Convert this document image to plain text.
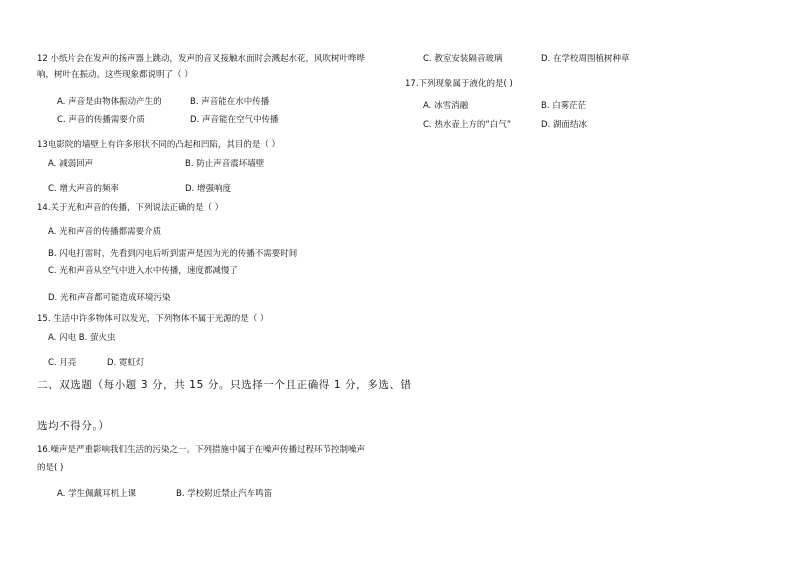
12 小纸片会在发声的扬声器上跳动，发声的音叉接触水面时会溅起水花，风吹树叶哗哗
响，树叶在振动。这些现象都说明了（ ）
A. 声音是由物体振动产生的	B. 声音能在水中传播
C. 声音的传播需要介质	D. 声音能在空气中传播
13电影院的墙壁上有许多形状不同的凸起和凹陷，其目的是（ ）
A. 减弱回声	B. 防止声音震坏墙壁
C. 增大声音的频率	D. 增强响度
14.关于光和声音的传播，下列说法正确的是（ ）
A. 光和声音的传播都需要介质
B. 闪电打雷时，先看到闪电后听到雷声是因为光的传播不需要时间
C. 光和声音从空气中进入水中传播，速度都减慢了
D. 光和声音都可能造成环境污染
15. 生活中许多物体可以发光，下列物体不属于光源的是（ ）
A. 闪电 B. 萤火虫
C. 月亮	D. 霓虹灯
二、双选题（每小题 3 分，共 15 分。只选择一个且正确得 1 分，多选、错
选均不得分。）
16.噪声是严重影响我们生活的污染之一。下列措施中属于在噪声传播过程环节控制噪声
的是( )
A. 学生佩戴耳机上课	B. 学校附近禁止汽车鸣笛
C. 教室安装隔音玻璃	D. 在学校周围植树种草
17.下列现象属于液化的是( )
A. 冰雪消融	B. 白雾茫茫
C. 热水壶上方的“白气”	D. 湖面结冰
